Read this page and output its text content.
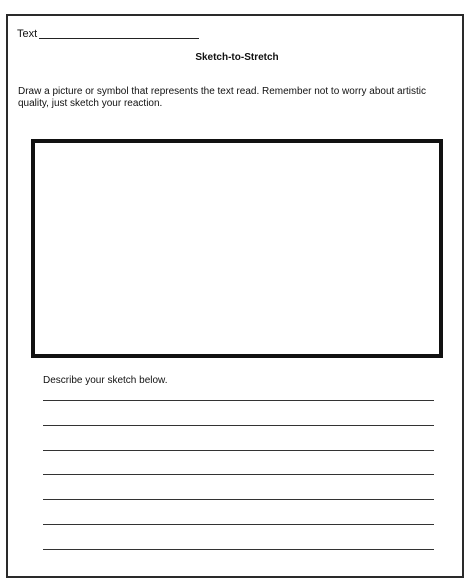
Text
Sketch-to-Stretch
Draw a picture or symbol that represents the text read. Remember not to worry about artistic quality, just sketch your reaction.
Describe your sketch below.
